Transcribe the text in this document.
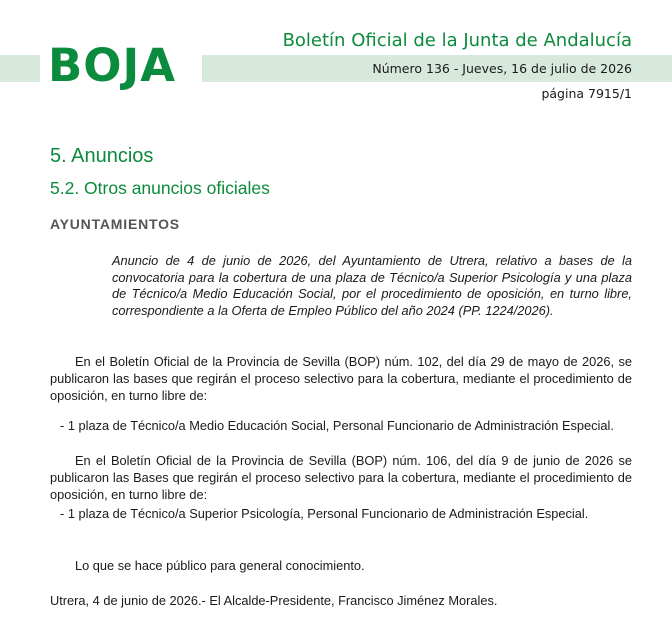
BOJA	Boletín Oficial de la Junta de Andalucía
Número 136 - Jueves, 16 de julio de 2026
página 7915/1
5. Anuncios
5.2. Otros anuncios oficiales
AYUNTAMIENTOS
Anuncio de 4 de junio de 2026, del Ayuntamiento de Utrera, relativo a bases de la convocatoria para la cobertura de una plaza de Técnico/a Superior Psicología y una plaza de Técnico/a Medio Educación Social, por el procedimiento de oposición, en turno libre, correspondiente a la Oferta de Empleo Público del año 2024 (PP. 1224/2026).

En el Boletín Oficial de la Provincia de Sevilla (BOP) núm. 102, del día 29 de mayo de 2026, se publicaron las bases que regirán el proceso selectivo para la cobertura, mediante el procedimiento de oposición, en turno libre de:

- 1 plaza de Técnico/a Medio Educación Social, Personal Funcionario de Administración Especial.

En el Boletín Oficial de la Provincia de Sevilla (BOP) núm. 106, del día 9 de junio de 2026 se publicaron las Bases que regirán el proceso selectivo para la cobertura, mediante el procedimiento de oposición, en turno libre de:

- 1 plaza de Técnico/a Superior Psicología, Personal Funcionario de Administración Especial.

Lo que se hace público para general conocimiento.

Utrera, 4 de junio de 2026.- El Alcalde-Presidente, Francisco Jiménez Morales.
